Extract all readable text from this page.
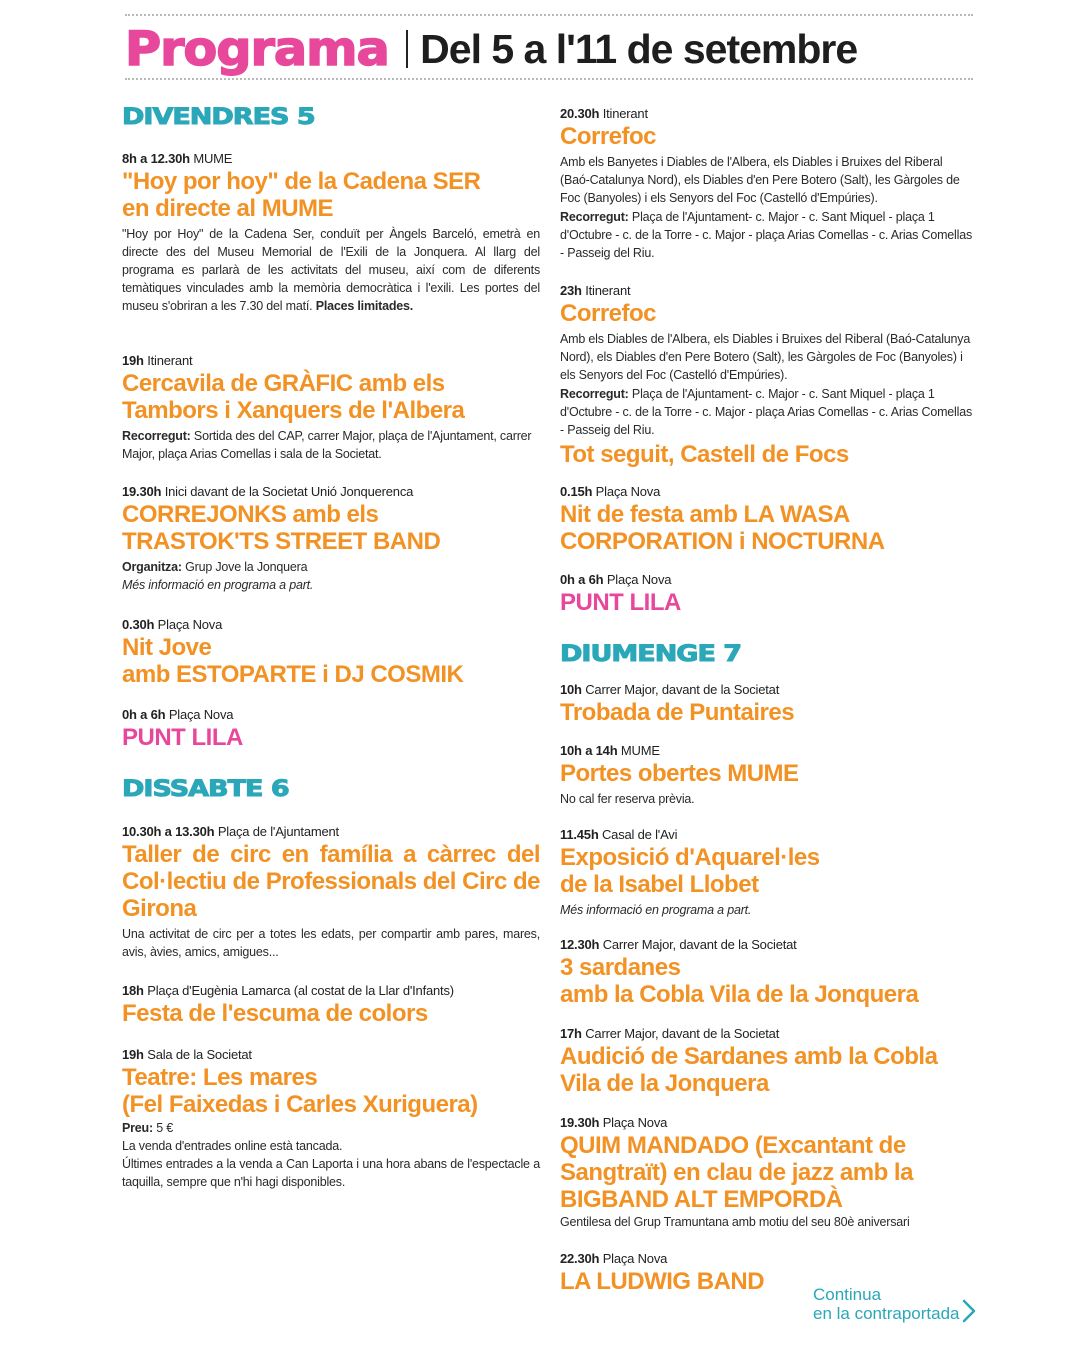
Programa Del 5 a l'11 de setembre
DIVENDRES 5
8h a 12.30h MUME
"Hoy por hoy" de la Cadena SER
en directe al MUME
"Hoy por Hoy" de la Cadena Ser, conduït per Àngels Barceló, emetrà en directe des del Museu Memorial de l'Exili de la Jonquera. Al llarg del programa es parlarà de les activitats del museu, així com de diferents temàtiques vinculades amb la memòria democràtica i l'exili. Les portes del museu s'obriran a les 7.30 del matí. Places limitades.
19h Itinerant
Cercavila de GRÀFIC amb els
Tambors i Xanquers de l'Albera
Recorregut: Sortida des del CAP, carrer Major, plaça de l'Ajuntament, carrer Major, plaça Arias Comellas i sala de la Societat.
19.30h Inici davant de la Societat Unió Jonquerenca
CORREJONKS amb els
TRASTOK'TS STREET BAND
Organitza: Grup Jove la Jonquera
Més informació en programa a part.
0.30h Plaça Nova
Nit Jove
amb ESTOPARTE i DJ COSMIK
0h a 6h Plaça Nova
PUNT LILA
DISSABTE 6
10.30h a 13.30h Plaça de l'Ajuntament
Taller de circ en família a càrrec del Col·lectiu de Professionals del Circ de Girona
Una activitat de circ per a totes les edats, per compartir amb pares, mares, avis, àvies, amics, amigues...
18h Plaça d'Eugènia Lamarca (al costat de la Llar d'Infants)
Festa de l'escuma de colors
19h Sala de la Societat
Teatre: Les mares
(Fel Faixedas i Carles Xuriguera)
Preu: 5 €
La venda d'entrades online està tancada.
Últimes entrades a la venda a Can Laporta i una hora abans de l'espectacle a taquilla, sempre que n'hi hagi disponibles.
20.30h Itinerant
Correfoc
Amb els Banyetes i Diables de l'Albera, els Diables i Bruixes del Riberal (Baó-Catalunya Nord), els Diables d'en Pere Botero (Salt), les Gàrgoles de Foc (Banyoles) i els Senyors del Foc (Castelló d'Empúries).
Recorregut: Plaça de l'Ajuntament- c. Major - c. Sant Miquel - plaça 1 d'Octubre - c. de la Torre - c. Major - plaça Arias Comellas - c. Arias Comellas - Passeig del Riu.
23h Itinerant
Correfoc
Amb els Diables de l'Albera, els Diables i Bruixes del Riberal (Baó-Catalunya Nord), els Diables d'en Pere Botero (Salt), les Gàrgoles de Foc (Banyoles) i els Senyors del Foc (Castelló d'Empúries).
Recorregut: Plaça de l'Ajuntament- c. Major - c. Sant Miquel - plaça 1 d'Octubre - c. de la Torre - c. Major - plaça Arias Comellas - c. Arias Comellas - Passeig del Riu.
Tot seguit, Castell de Focs
0.15h Plaça Nova
Nit de festa amb LA WASA
CORPORATION i NOCTURNA
0h a 6h Plaça Nova
PUNT LILA
DIUMENGE 7
10h Carrer Major, davant de la Societat
Trobada de Puntaires
10h a 14h MUME
Portes obertes MUME
No cal fer reserva prèvia.
11.45h Casal de l'Avi
Exposició d'Aquarel·les
de la Isabel Llobet
Més informació en programa a part.
12.30h Carrer Major, davant de la Societat
3 sardanes
amb la Cobla Vila de la Jonquera
17h Carrer Major, davant de la Societat
Audició de Sardanes amb la Cobla
Vila de la Jonquera
19.30h Plaça Nova
QUIM MANDADO (Excantant de
Sangtraït) en clau de jazz amb la
BIGBAND ALT EMPORDÀ
Gentilesa del Grup Tramuntana amb motiu del seu 80è aniversari
22.30h Plaça Nova
LA LUDWIG BAND	Continua
en la contraportada
